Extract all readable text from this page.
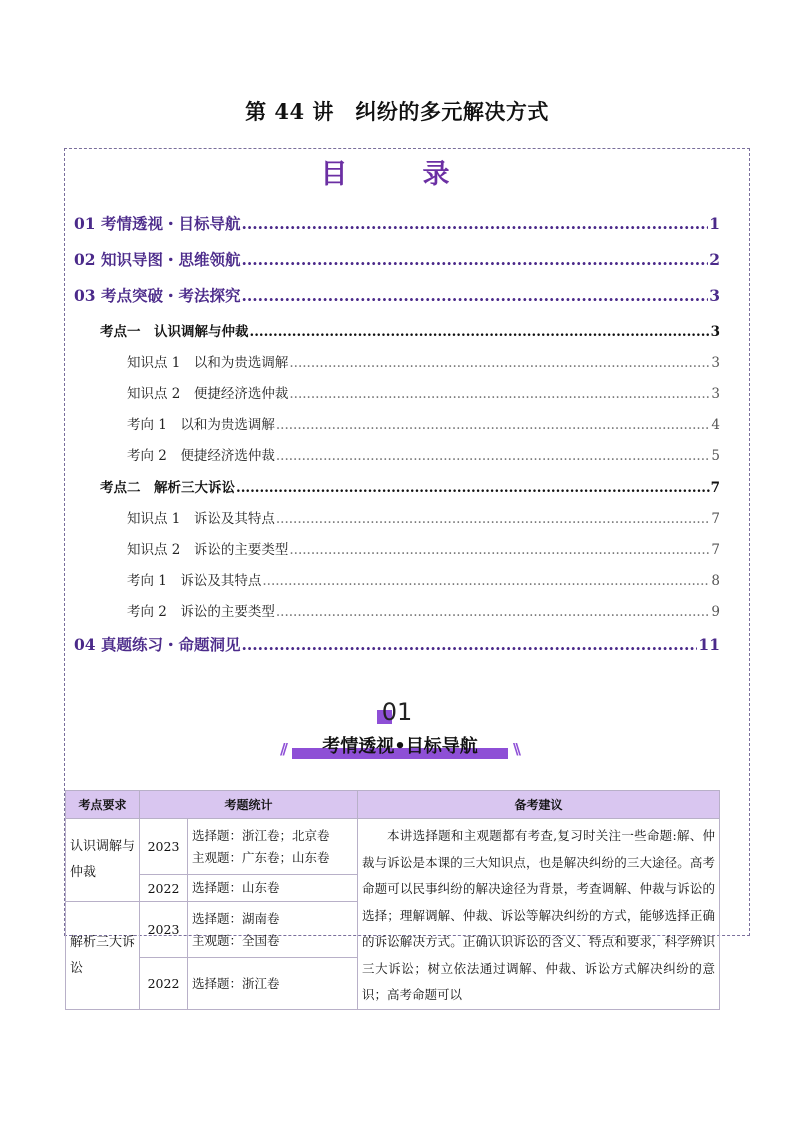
第 44 讲　纠纷的多元解决方式
目　录
01 考情透视・目标导航 .....	1
02 知识导图・思维领航 .....	2
03 考点突破・考法探究 .....	3
考点一　认识调解与仲裁 .....	3
知识点 1　以和为贵选调解 .....	3
知识点 2　便捷经济选仲裁 .....	3
考向 1　以和为贵选调解 .....	4
考向 2　便捷经济选仲裁 .....	5
考点二　解析三大诉讼 .....	7
知识点 1　诉讼及其特点 .....	7
知识点 2　诉讼的主要类型 .....	7
考向 1　诉讼及其特点 .....	8
考向 2　诉讼的主要类型 .....	9
04 真题练习・命题洞见 .....	11
01
//	考情透视•目标导航	\\
考点要求	考题统计		备考建议
认识调解与仲裁	2023	选择题：浙江卷；北京卷
主观题：广东卷；山东卷	本讲选择题和主观题都有考查,复习时关注一些命题:解、仲裁与诉讼是本课的三大知识点，也是解决纠纷的三大途径。高考命题可以民事纠纷的解决途径为背景，考查调解、仲裁与诉讼的选择；理解调解、仲裁、诉讼等解决纠纷的方式，能够选择正确的诉讼解决方式。正确认识诉讼的含义、特点和要求，科学辨识三大诉讼；树立依法通过调解、仲裁、诉讼方式解决纠纷的意识；高考命题可以

	2022	选择题：山东卷	

解析三大诉讼	2023	选择题：湖南卷
主观题：全国卷	

	2022	选择题：浙江卷	
